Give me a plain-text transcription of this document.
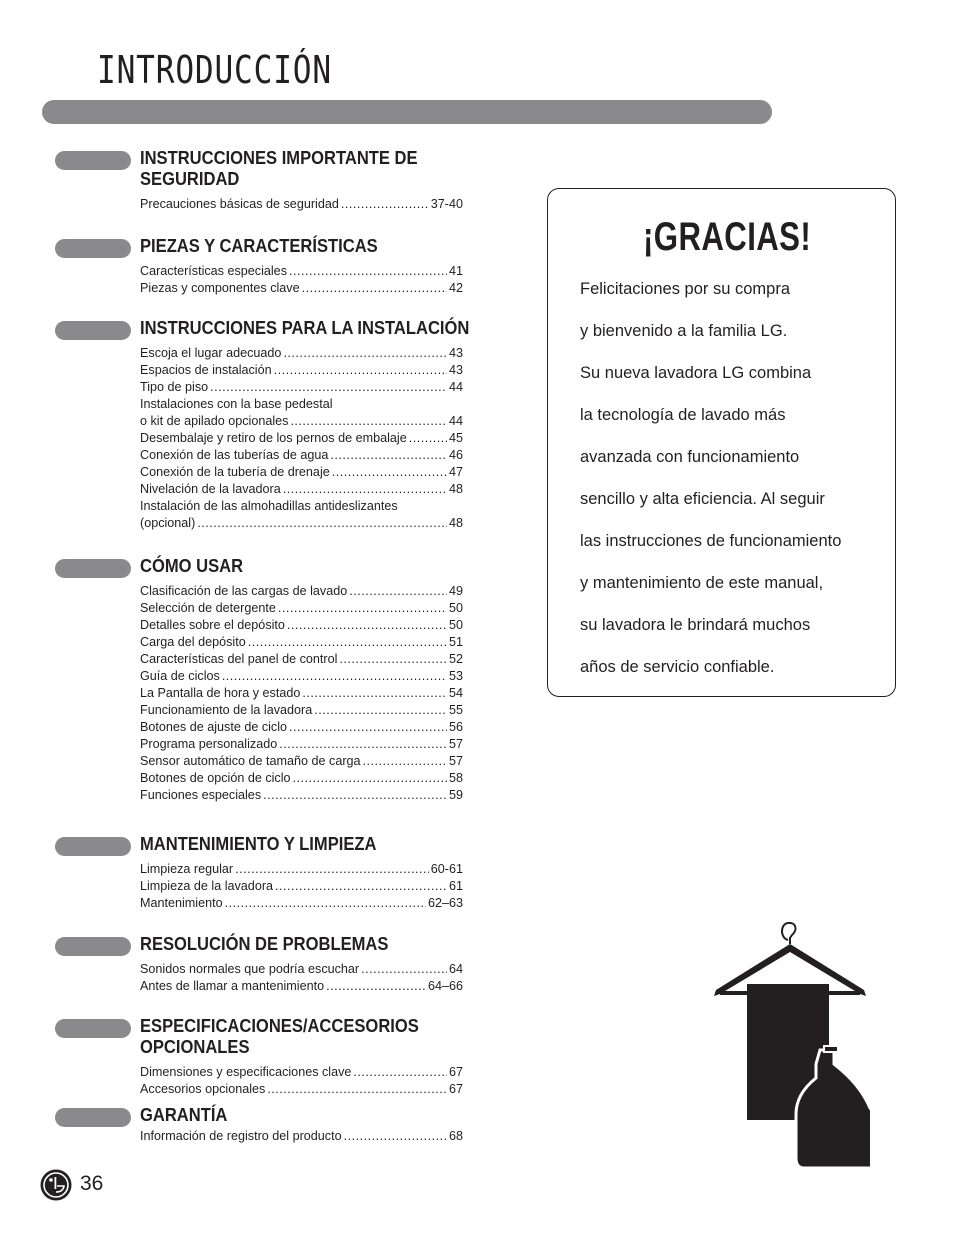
INTRODUCCIÓN
INSTRUCCIONES IMPORTANTE DE SEGURIDAD
Precauciones básicas de seguridad .....	37-40
PIEZAS Y CARACTERÍSTICAS
Características especiales .....	41
Piezas y componentes clave .....	42
INSTRUCCIONES PARA LA INSTALACIÓN
Escoja el lugar adecuado .....	43
Espacios de instalación .....	43
Tipo de piso .....	44
Instalaciones con la base pedestal
o kit de apilado opcionales .....	44
Desembalaje y retiro de los pernos de embalaje .....	45
Conexión de las tuberías de agua .....	46
Conexión de la tubería de drenaje .....	47
Nivelación de la lavadora .....	48
Instalación de las almohadillas antideslizantes
(opcional) .....	48
CÓMO USAR
Clasificación de las cargas de lavado .....	49
Selección de detergente .....	50
Detalles sobre el depósito .....	50
Carga del depósito .....	51
Características del panel de control .....	52
Guía de ciclos .....	53
La Pantalla de hora y estado .....	54
Funcionamiento de la lavadora .....	55
Botones de ajuste de ciclo .....	56
Programa personalizado .....	57
Sensor automático de tamaño de carga .....	57
Botones de opción de ciclo .....	58
Funciones especiales .....	59
MANTENIMIENTO Y LIMPIEZA
Limpieza regular .....	60-61
Limpieza de la lavadora .....	61
Mantenimiento .....	62–63
RESOLUCIÓN DE PROBLEMAS
Sonidos normales que podría escuchar .....	64
Antes de llamar a mantenimiento .....	64–66
ESPECIFICACIONES/ACCESORIOS OPCIONALES
Dimensiones y especificaciones clave .....	67
Accesorios opcionales .....	67
GARANTÍA
Información de registro del producto .....	68
¡GRACIAS!
Felicitaciones por su compra
y bienvenido a la familia LG.
Su nueva lavadora LG combina
la tecnología de lavado más
avanzada con funcionamiento
sencillo y alta eficiencia. Al seguir
las instrucciones de funcionamiento
y mantenimiento de este manual,
su lavadora le brindará muchos
años de servicio confiable.
36
